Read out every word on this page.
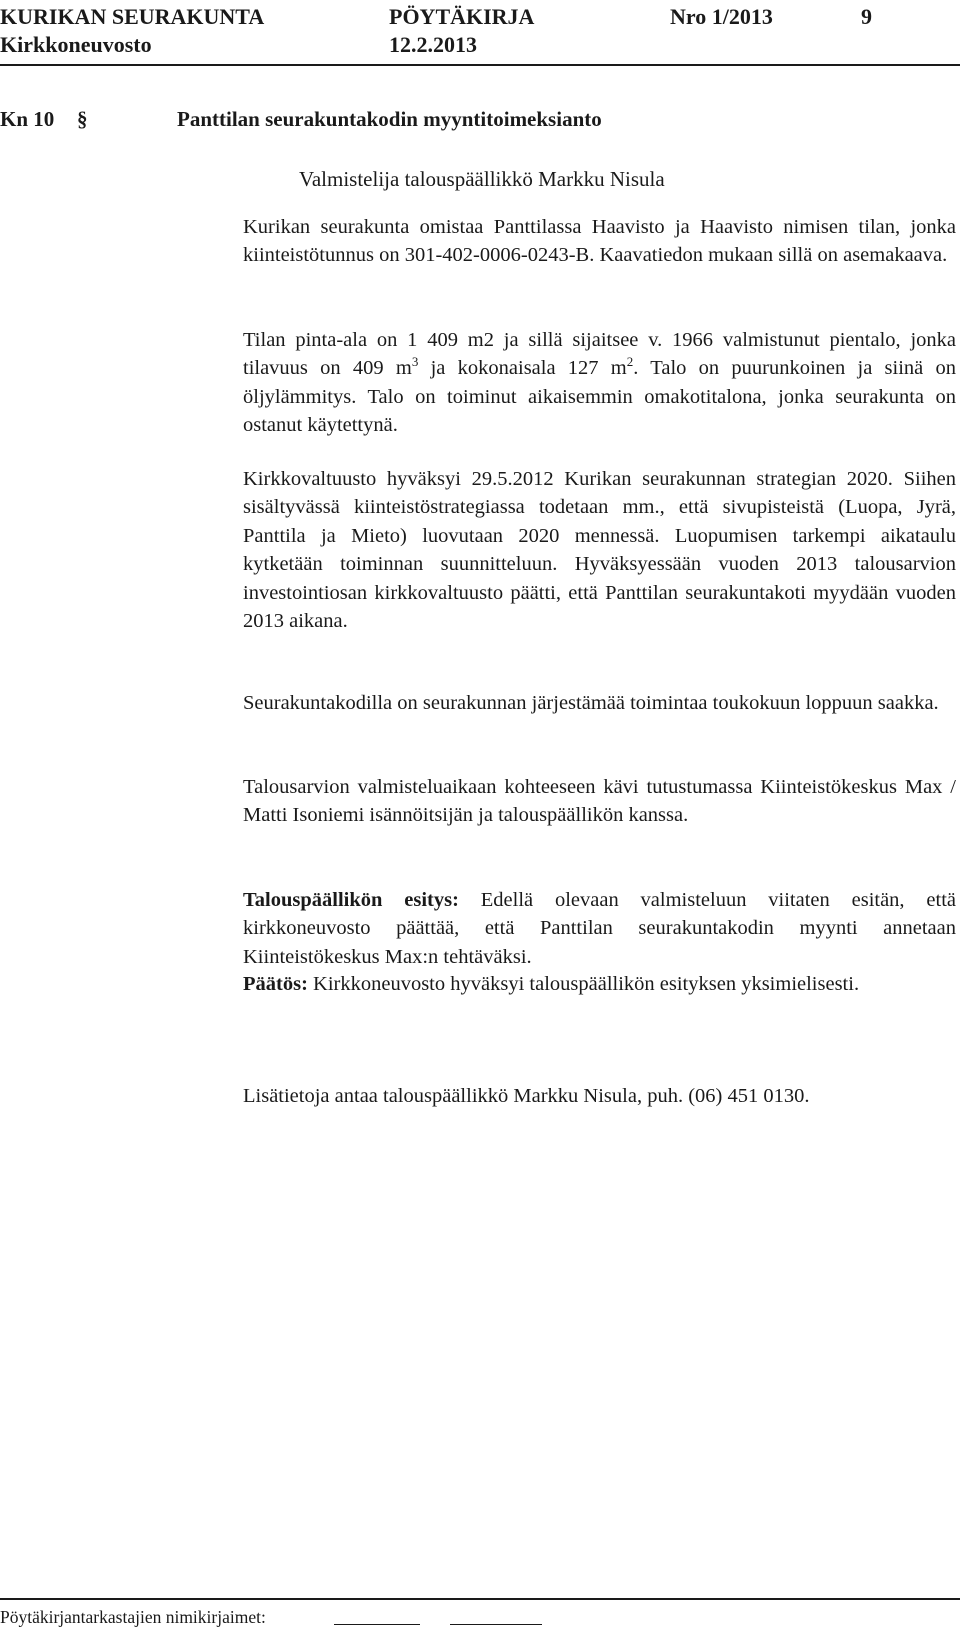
KURIKAN SEURAKUNTA	PÖYTÄKIRJA	Nro 1/2013	9
Kirkkoneuvosto	12.2.2013
Kn 10 §	Panttilan seurakuntakodin myyntitoimeksianto
Valmistelija talouspäällikkö Markku Nisula
Kurikan seurakunta omistaa Panttilassa Haavisto ja Haavisto nimisen tilan, jonka kiinteistötunnus on 301-402-0006-0243-B. Kaavatiedon mukaan sillä on asemakaava.
Tilan pinta-ala on 1 409 m2 ja sillä sijaitsee v. 1966 valmistunut pientalo, jonka tilavuus on 409 $m^3$ ja kokonaisala 127 $m^2$. Talo on puurunkoinen ja siinä on öljylämmitys. Talo on toiminut aikaisemmin omakotitalona, jonka seurakunta on ostanut käytettynä.
Kirkkovaltuusto hyväksyi 29.5.2012 Kurikan seurakunnan strategian 2020. Siihen sisältyvässä kiinteistöstrategiassa todetaan mm., että sivupisteistä (Luopa, Jyrä, Panttila ja Mieto) luovutaan 2020 mennessä. Luopumisen tarkempi aikataulu kytketään toiminnan suunnitteluun. Hyväksyessään vuoden 2013 talousarvion investointiosan kirkkovaltuusto päätti, että Panttilan seurakuntakoti myydään vuoden 2013 aikana.
Seurakuntakodilla on seurakunnan järjestämää toimintaa toukokuun loppuun saakka.
Talousarvion valmisteluaikaan kohteeseen kävi tutustumassa Kiinteistökeskus Max / Matti Isoniemi isännöitsijän ja talouspäällikön kanssa.
Talouspäällikön esitys: Edellä olevaan valmisteluun viitaten esitän, että kirkkoneuvosto päättää, että Panttilan seurakuntakodin myynti annetaan Kiinteistökeskus Max:n tehtäväksi.
Päätös: Kirkkoneuvosto hyväksyi talouspäällikön esityksen yksimielisesti.
Lisätietoja antaa talouspäällikkö Markku Nisula, puh. (06) 451 0130.
Pöytäkirjantarkastajien nimikirjaimet:
